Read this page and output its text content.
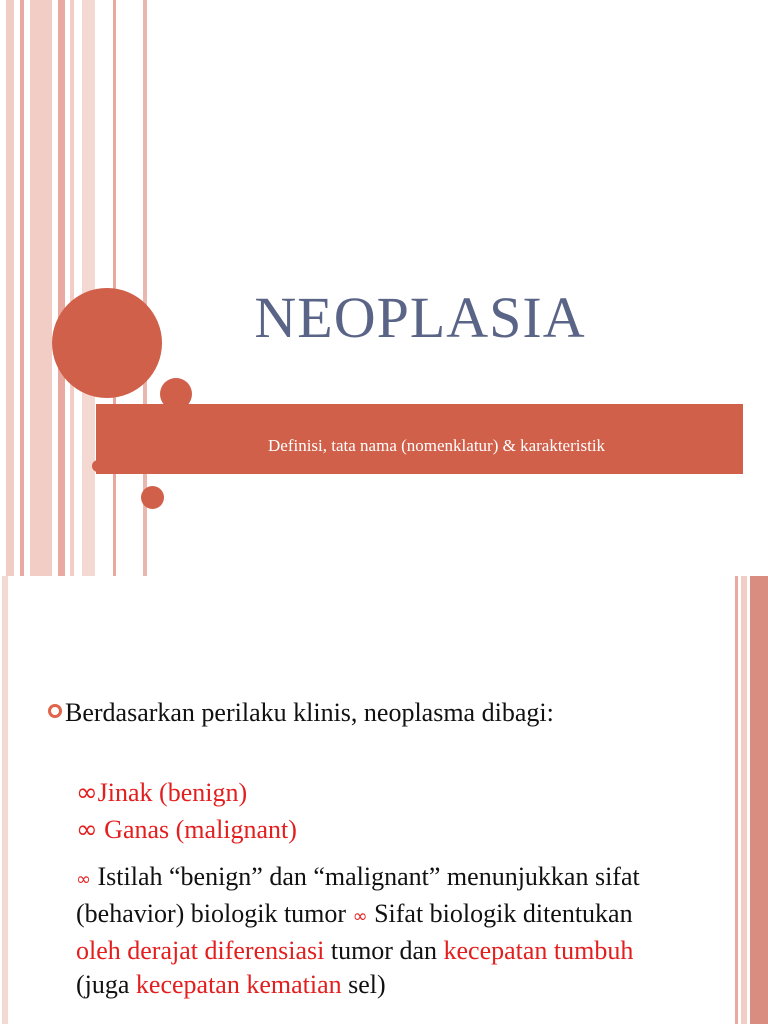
NEOPLASIA
Definisi, tata nama (nomenklatur) & karakteristik
Berdasarkan perilaku klinis, neoplasma dibagi:
∞Jinak (benign)
∞ Ganas (malignant)
∞ Istilah “benign” dan “malignant” menunjukkan sifat (behavior) biologik tumor ∞ Sifat biologik ditentukan oleh derajat diferensiasi tumor dan kecepatan tumbuh (juga kecepatan kematian sel)
